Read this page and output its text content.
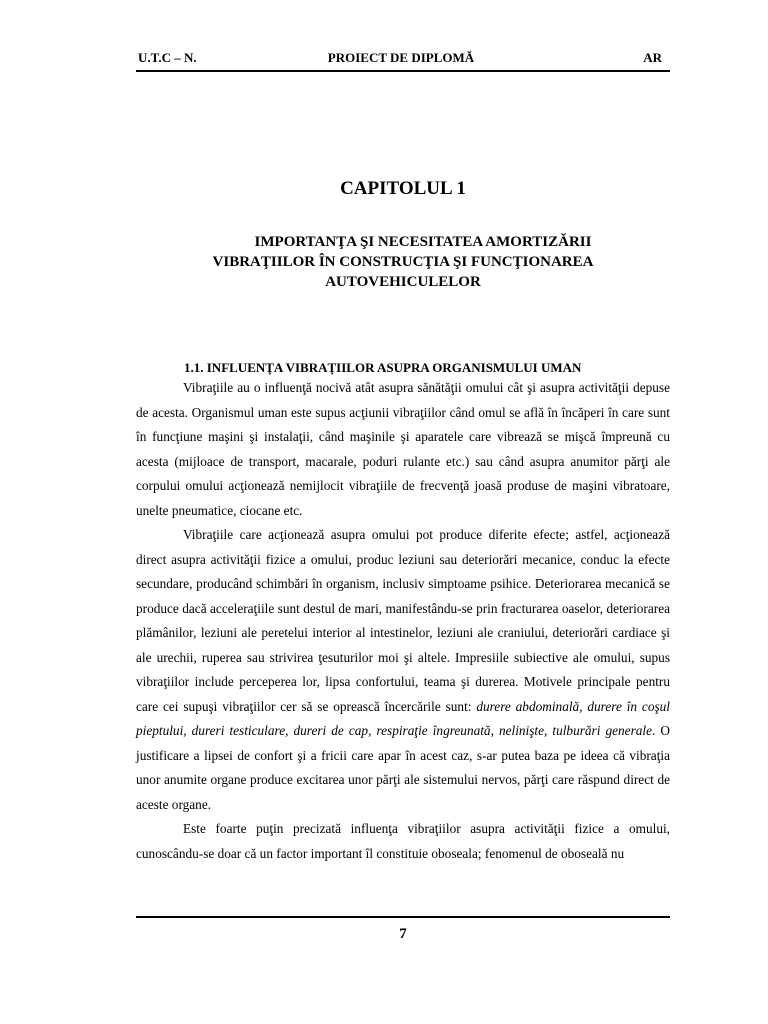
U.T.C – N.	PROIECT DE DIPLOMĂ	AR
CAPITOLUL 1
IMPORTANŢA ŞI NECESITATEA AMORTIZĂRII
VIBRAŢIILOR ÎN CONSTRUCŢIA ŞI FUNCŢIONAREA
AUTOVEHICULELOR
1.1. INFLUENŢA VIBRAŢIILOR ASUPRA ORGANISMULUI UMAN

Vibraţiile au o influenţă nocivă atât asupra sănătăţii omului cât şi asupra activităţii depuse de acesta. Organismul uman este supus acţiunii vibraţiilor când omul se află în încăperi în care sunt în funcţiune maşini şi instalaţii, când maşinile şi aparatele care vibrează se mişcă împreună cu acesta (mijloace de transport, macarale, poduri rulante etc.) sau când asupra anumitor părţi ale corpului omului acţionează nemijlocit vibraţiile de frecvenţă joasă produse de maşini vibratoare, unelte pneumatice, ciocane etc.

Vibraţiile care acţionează asupra omului pot produce diferite efecte; astfel, acţionează direct asupra activităţii fizice a omului, produc leziuni sau deteriorări mecanice, conduc la efecte secundare, producând schimbări în organism, inclusiv simptoame psihice. Deteriorarea mecanică se produce dacă acceleraţiile sunt destul de mari, manifestându-se prin fracturarea oaselor, deteriorarea plămânilor, leziuni ale peretelui interior al intestinelor, leziuni ale craniului, deteriorări cardiace şi ale urechii, ruperea sau strivirea ţesuturilor moi şi altele. Impresiile subiective ale omului, supus vibraţiilor include perceperea lor, lipsa confortului, teama şi durerea. Motivele principale pentru care cei supuşi vibraţiilor cer să se oprească încercările sunt: durere abdominală, durere în coşul pieptului, dureri testiculare, dureri de cap, respiraţie îngreunată, nelinişte, tulburări generale. O justificare a lipsei de confort şi a fricii care apar în acest caz, s-ar putea baza pe ideea că vibraţia unor anumite organe produce excitarea unor părţi ale sistemului nervos, părţi care răspund direct de aceste organe.

Este foarte puţin precizată influenţa vibraţiilor asupra activităţii fizice a omului, cunoscându-se doar că un factor important îl constituie oboseala; fenomenul de oboseală nu

7
